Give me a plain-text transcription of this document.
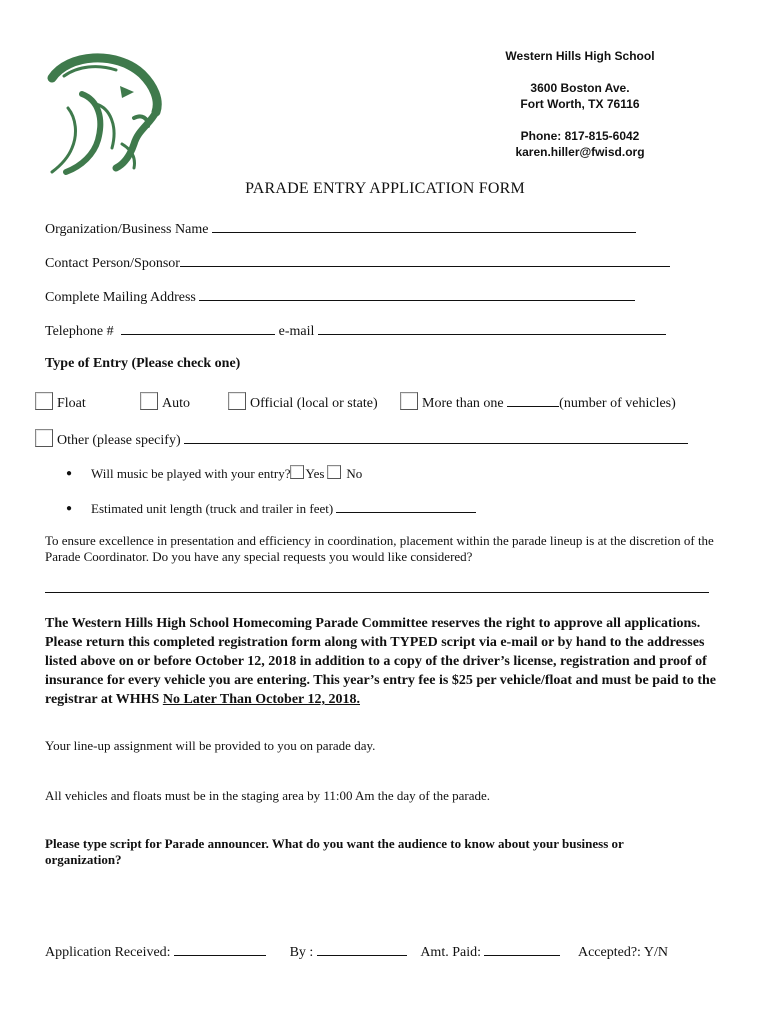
Western Hills High School
3600 Boston Ave.
Fort Worth, TX 76116
Phone: 817-815-6042
karen.hiller@fwisd.org
PARADE ENTRY APPLICATION FORM
Organization/Business Name
Contact Person/Sponsor
Complete Mailing Address
Telephone #	e-mail
Type of Entry (Please check one)
Float	Auto	Official (local or state)	More than one	(number of vehicles)
Other (please specify)
● Will music be played with your entry? Yes No
● Estimated unit length (truck and trailer in feet)
To ensure excellence in presentation and efficiency in coordination, placement within the parade lineup is at the discretion of the Parade Coordinator. Do you have any special requests you would like considered?
The Western Hills High School Homecoming Parade Committee reserves the right to approve all applications. Please return this completed registration form along with TYPED script via e-mail or by hand to the addresses listed above on or before October 12, 2018 in addition to a copy of the driver’s license, registration and proof of insurance for every vehicle you are entering. This year’s entry fee is $25 per vehicle/float and must be paid to the registrar at WHHS No Later Than October 12, 2018.
Your line-up assignment will be provided to you on parade day.
All vehicles and floats must be in the staging area by 11:00 Am the day of the parade.
Please type script for Parade announcer. What do you want the audience to know about your business or organization?
Application Received:	By :	Amt. Paid:	Accepted?: Y/N
